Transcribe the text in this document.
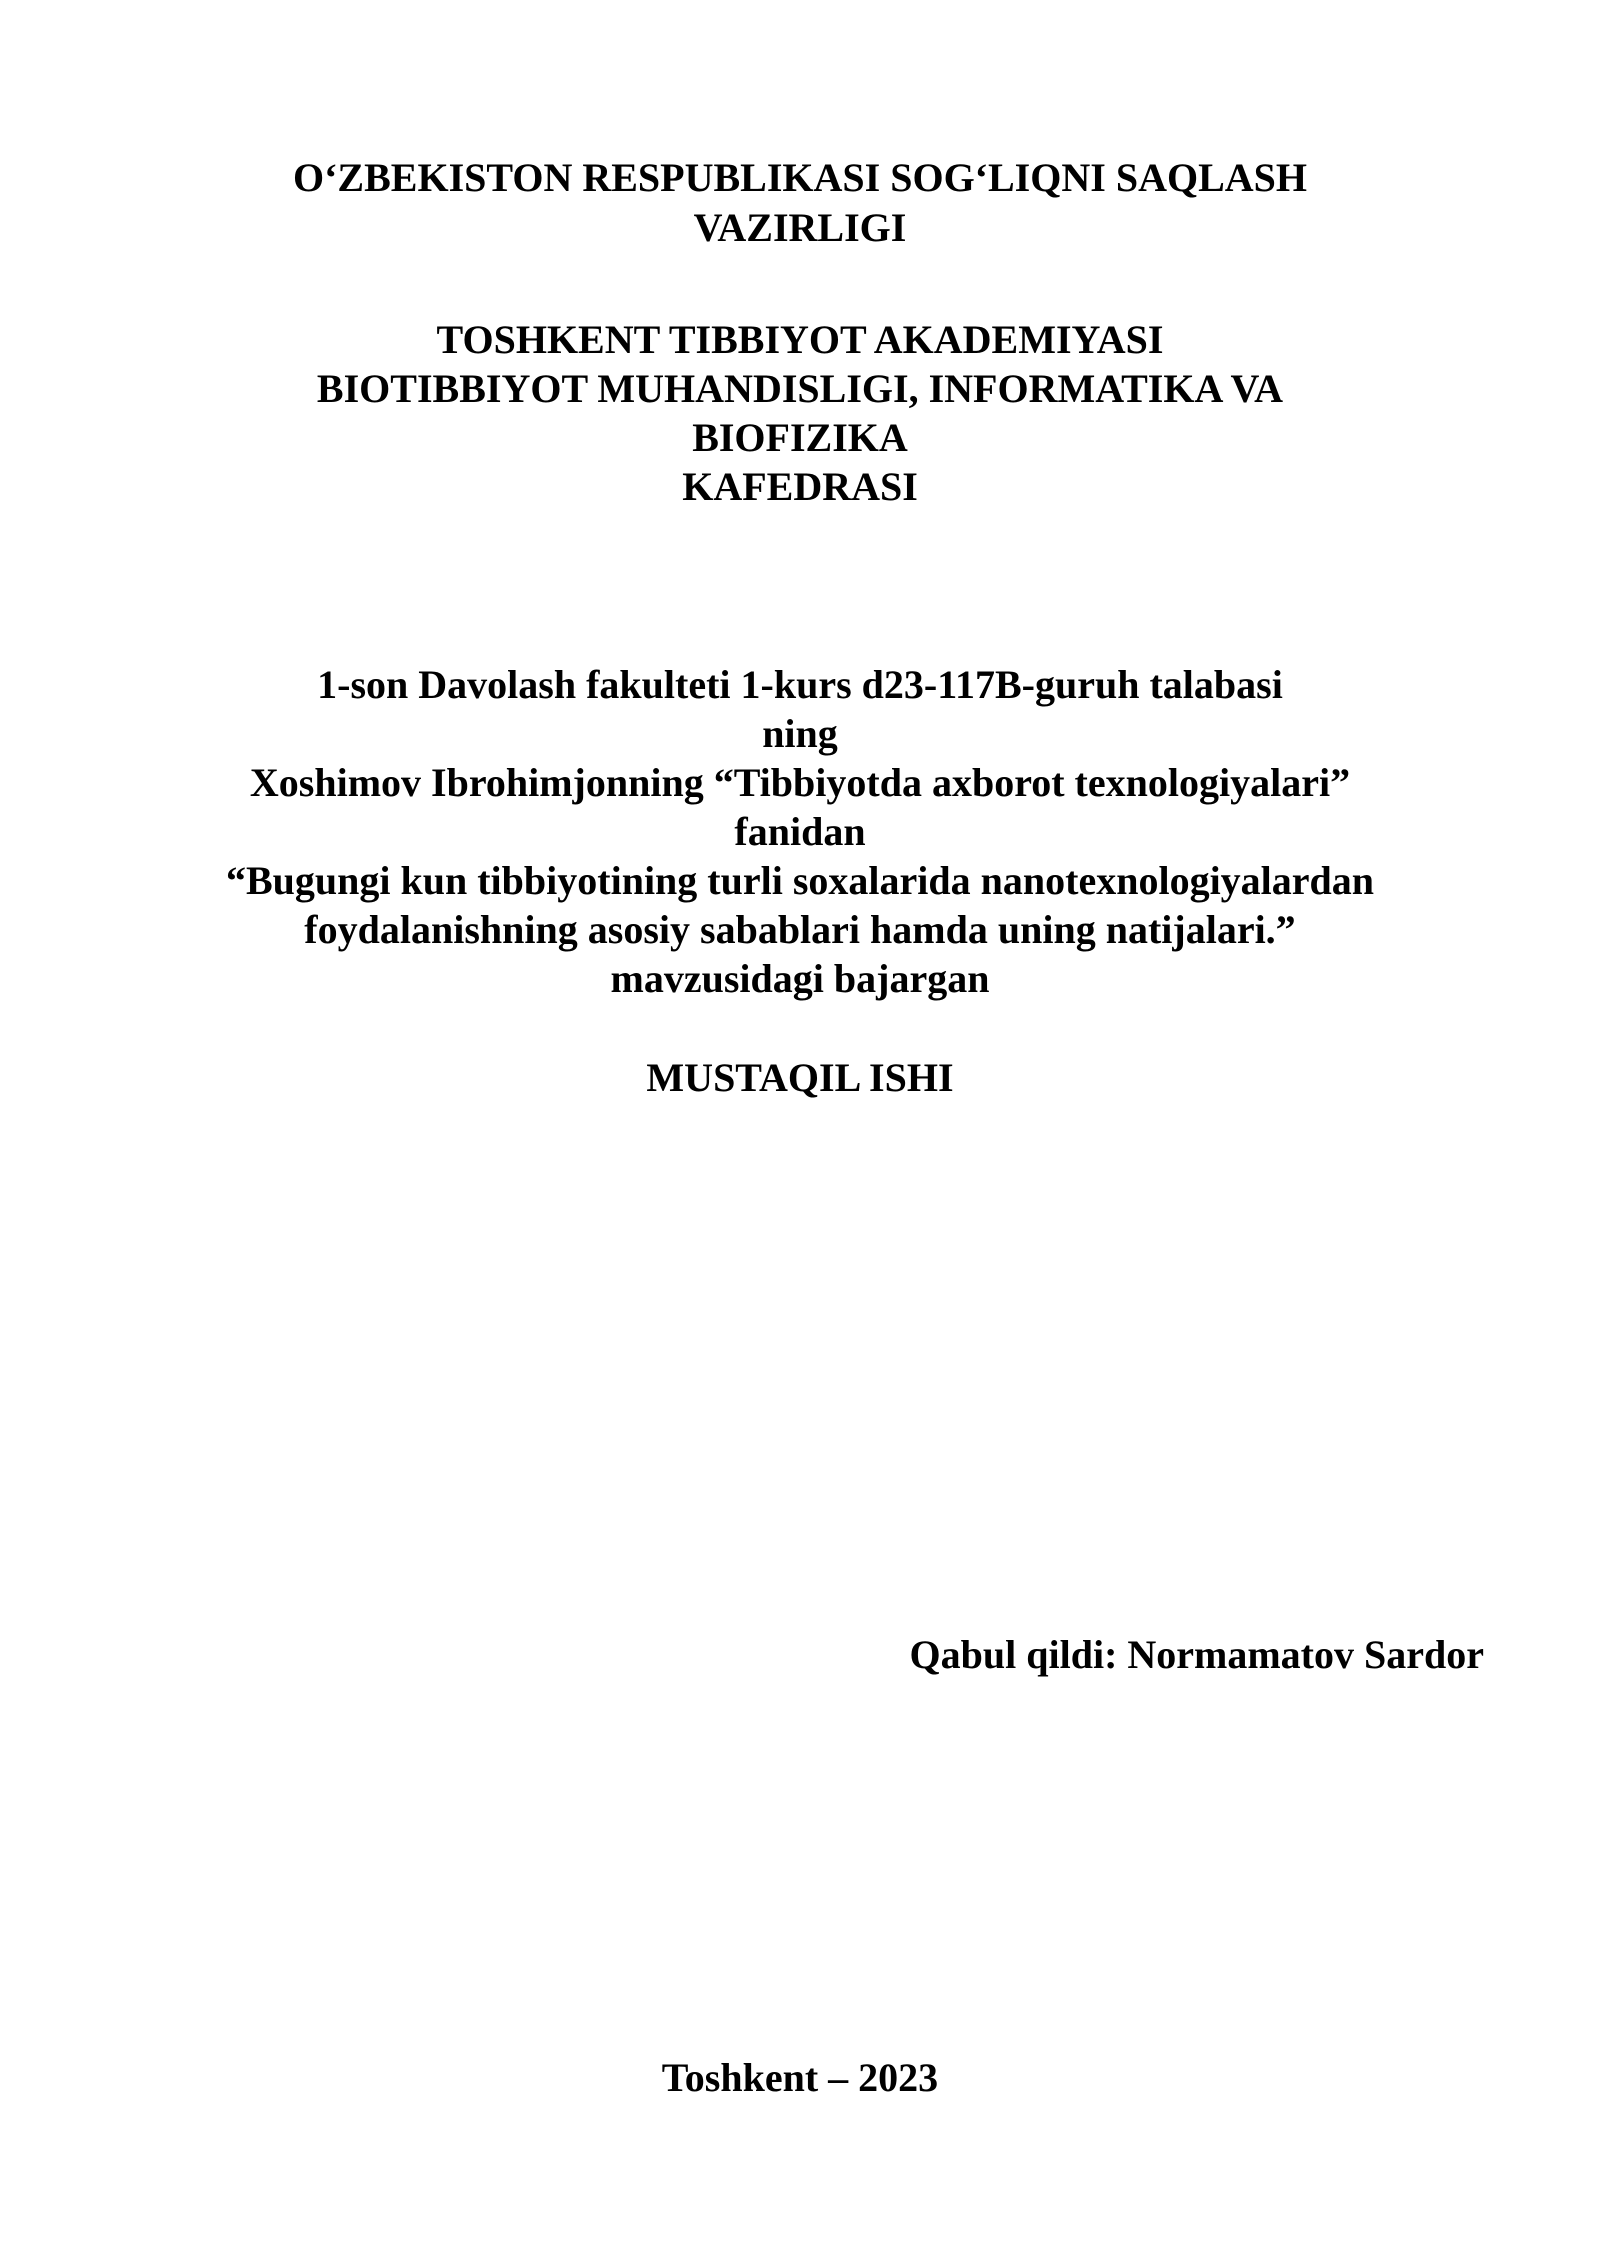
O‘ZBEKISTON RESPUBLIKASI SOG‘LIQNI SAQLASH

VAZIRLIGI

TOSHKENT TIBBIYOT AKADEMIYASI

BIOTIBBIYOT MUHANDISLIGI, INFORMATIKA VA

BIOFIZIKA

KAFEDRASI

1-son Davolash fakulteti 1-kurs d23-117B-guruh talabasi

ning

Xoshimov Ibrohimjonning “Tibbiyotda axborot texnologiyalari”

fanidan

“Bugungi kun tibbiyotining turli soxalarida nanotexnologiyalardan

foydalanishning asosiy sabablari hamda uning natijalari.”

mavzusidagi bajargan

MUSTAQIL ISHI

Qabul qildi: Normamatov Sardor

Toshkent – 2023
